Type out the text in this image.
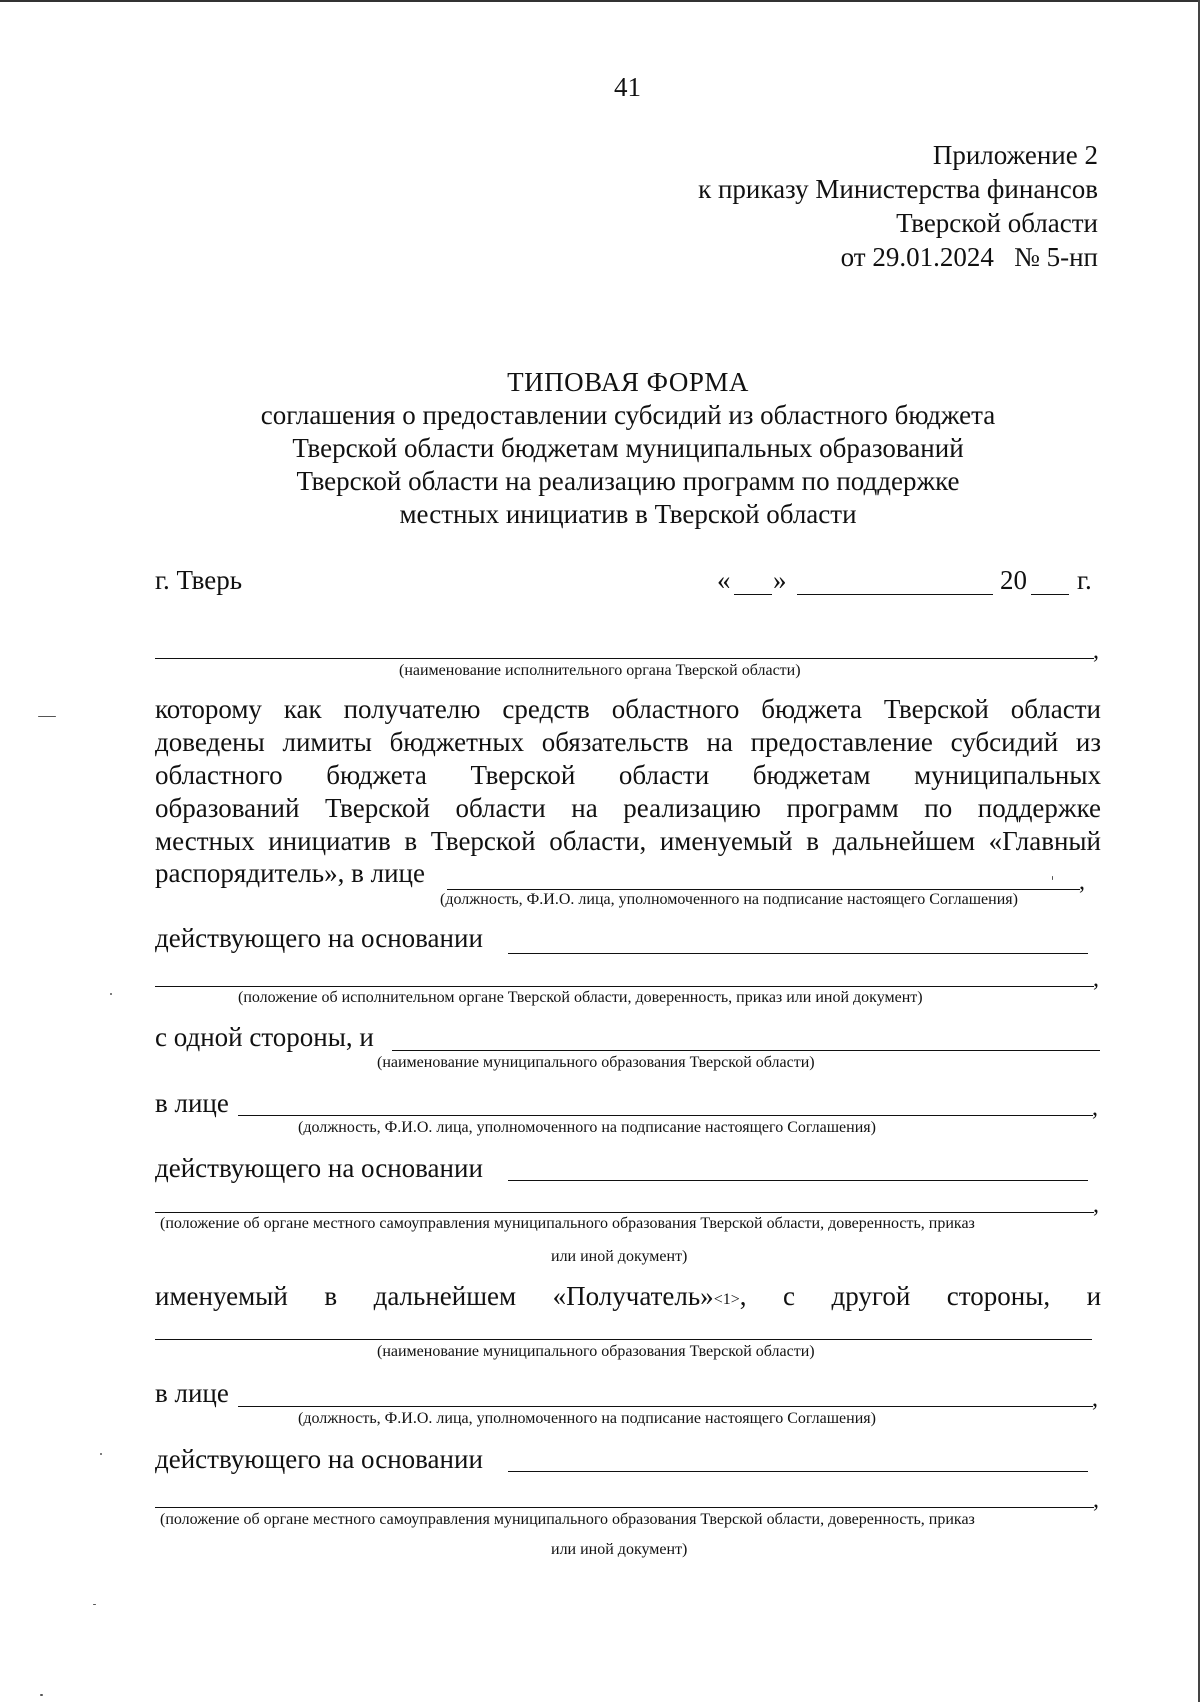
41
Приложение 2
к приказу Министерства финансов
Тверской области
от 29.01.2024   № 5-нп
ТИПОВАЯ ФОРМА
соглашения о предоставлении субсидий из областного бюджета
Тверской области бюджетам муниципальных образований
Тверской области на реализацию программ по поддержке
местных инициатив в Тверской области
г. Тверь	« »	20 г.
,
(наименование исполнительного органа Тверской области)
которому как получателю средств областного бюджета Тверской области
доведены лимиты бюджетных обязательств на предоставление субсидий из
областного бюджета Тверской области бюджетам муниципальных
образований Тверской области на реализацию программ по поддержке
местных инициатив в Тверской области, именуемый в дальнейшем «Главный
распорядитель», в лице	,
(должность, Ф.И.О. лица, уполномоченного на подписание настоящего Соглашения)
действующего на основании
,
(положение об исполнительном органе Тверской области, доверенность, приказ или иной документ)
с одной стороны, и
(наименование муниципального образования Тверской области)
в лице	,
(должность, Ф.И.О. лица, уполномоченного на подписание настоящего Соглашения)
действующего на основании
,
(положение об органе местного самоуправления муниципального образования Тверской области, доверенность, приказ
или иной документ)
именуемый в дальнейшем «Получатель»<1>, с другой стороны, и
(наименование муниципального образования Тверской области)
в лице	,
(должность, Ф.И.О. лица, уполномоченного на подписание настоящего Соглашения)
действующего на основании
,
(положение об органе местного самоуправления муниципального образования Тверской области, доверенность, приказ
или иной документ)
